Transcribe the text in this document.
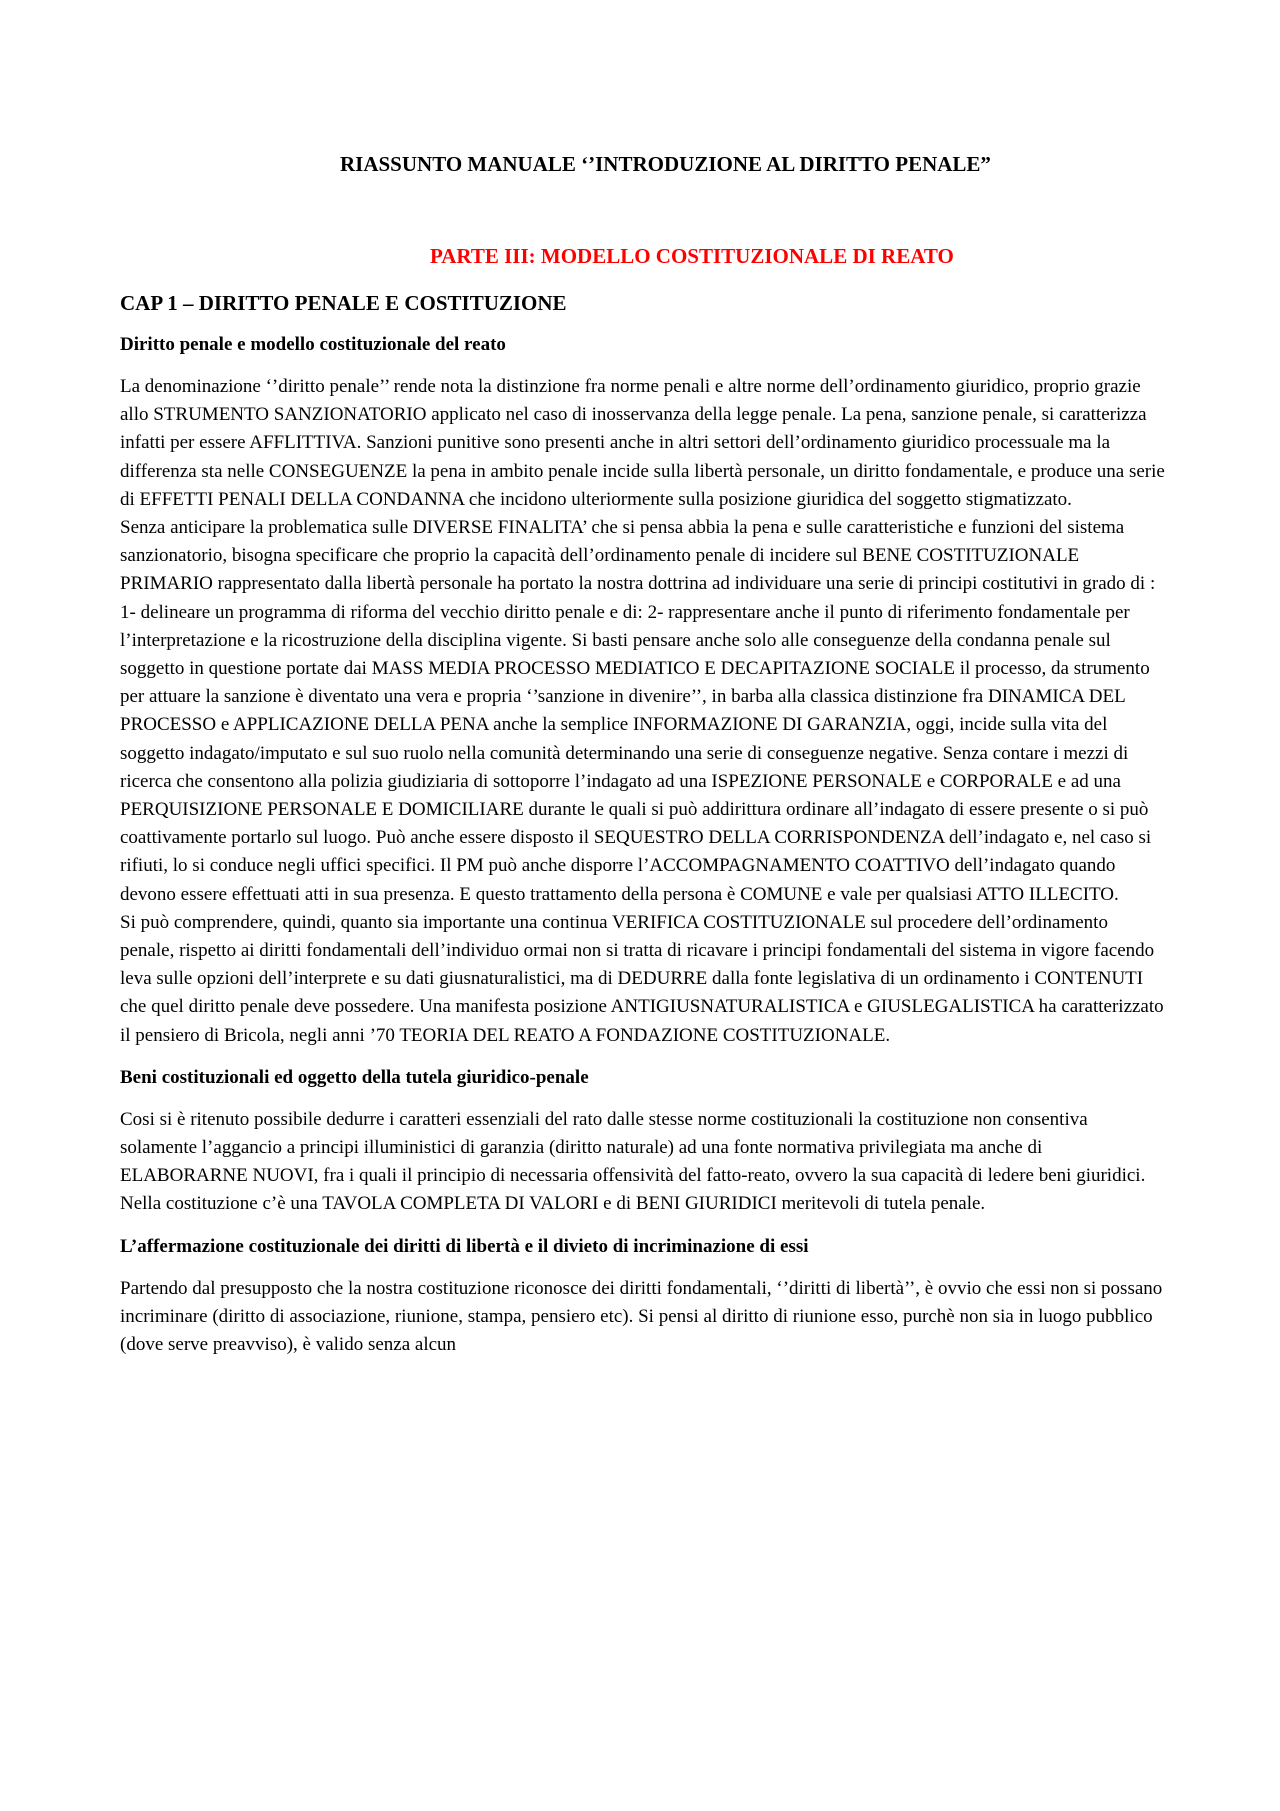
RIASSUNTO MANUALE ‘’INTRODUZIONE AL DIRITTO PENALE”

PARTE III: MODELLO COSTITUZIONALE DI REATO

CAP 1 – DIRITTO PENALE E COSTITUZIONE

Diritto penale e modello costituzionale del reato

La denominazione ‘’diritto penale’’ rende nota la distinzione fra norme penali e altre norme dell’ordinamento giuridico, proprio grazie allo STRUMENTO SANZIONATORIO applicato nel caso di inosservanza della legge penale. La pena, sanzione penale, si caratterizza infatti per essere AFFLITTIVA. Sanzioni punitive sono presenti anche in altri settori dell’ordinamento giuridico processuale ma la differenza sta nelle CONSEGUENZE la pena in ambito penale incide sulla libertà personale, un diritto fondamentale, e produce una serie di EFFETTI PENALI DELLA CONDANNA che incidono ulteriormente sulla posizione giuridica del soggetto stigmatizzato.
Senza anticipare la problematica sulle DIVERSE FINALITA’ che si pensa abbia la pena e sulle caratteristiche e funzioni del sistema sanzionatorio, bisogna specificare che proprio la capacità dell’ordinamento penale di incidere sul BENE COSTITUZIONALE PRIMARIO rappresentato dalla libertà personale ha portato la nostra dottrina ad individuare una serie di principi costitutivi in grado di : 1- delineare un programma di riforma del vecchio diritto penale e di: 2- rappresentare anche il punto di riferimento fondamentale per l’interpretazione e la ricostruzione della disciplina vigente. Si basti pensare anche solo alle conseguenze della condanna penale sul soggetto in questione portate dai MASS MEDIA PROCESSO MEDIATICO E DECAPITAZIONE SOCIALE il processo, da strumento per attuare la sanzione è diventato una vera e propria ‘’sanzione in divenire’’, in barba alla classica distinzione fra DINAMICA DEL PROCESSO e APPLICAZIONE DELLA PENA anche la semplice INFORMAZIONE DI GARANZIA, oggi, incide sulla vita del soggetto indagato/imputato e sul suo ruolo nella comunità determinando una serie di conseguenze negative. Senza contare i mezzi di ricerca che consentono alla polizia giudiziaria di sottoporre l’indagato ad una ISPEZIONE PERSONALE e CORPORALE e ad una PERQUISIZIONE PERSONALE E DOMICILIARE durante le quali si può addirittura ordinare all’indagato di essere presente o si può coattivamente portarlo sul luogo. Può anche essere disposto il SEQUESTRO DELLA CORRISPONDENZA dell’indagato e, nel caso si rifiuti, lo si conduce negli uffici specifici. Il PM può anche disporre l’ACCOMPAGNAMENTO COATTIVO dell’indagato quando devono essere effettuati atti in sua presenza. E questo trattamento della persona è COMUNE e vale per qualsiasi ATTO ILLECITO.
Si può comprendere, quindi, quanto sia importante una continua VERIFICA COSTITUZIONALE sul procedere dell’ordinamento penale, rispetto ai diritti fondamentali dell’individuo ormai non si tratta di ricavare i principi fondamentali del sistema in vigore facendo leva sulle opzioni dell’interprete e su dati giusnaturalistici, ma di DEDURRE dalla fonte legislativa di un ordinamento i CONTENUTI che quel diritto penale deve possedere. Una manifesta posizione ANTIGIUSNATURALISTICA e GIUSLEGALISTICA ha caratterizzato il pensiero di Bricola, negli anni ’70 TEORIA DEL REATO A FONDAZIONE COSTITUZIONALE.

Beni costituzionali ed oggetto della tutela giuridico-penale

Cosi si è ritenuto possibile dedurre i caratteri essenziali del rato dalle stesse norme costituzionali la costituzione non consentiva solamente l’aggancio a principi illuministici di garanzia (diritto naturale) ad una fonte normativa privilegiata ma anche di ELABORARNE NUOVI, fra i quali il principio di necessaria offensività del fatto-reato, ovvero la sua capacità di ledere beni giuridici.
Nella costituzione c’è una TAVOLA COMPLETA DI VALORI e di BENI GIURIDICI meritevoli di tutela penale.

L’affermazione costituzionale dei diritti di libertà e il divieto di incriminazione di essi

Partendo dal presupposto che la nostra costituzione riconosce dei diritti fondamentali, ‘’diritti di libertà’’, è ovvio che essi non si possano incriminare (diritto di associazione, riunione, stampa, pensiero etc). Si pensi al diritto di riunione esso, purchè non sia in luogo pubblico (dove serve preavviso), è valido senza alcun
